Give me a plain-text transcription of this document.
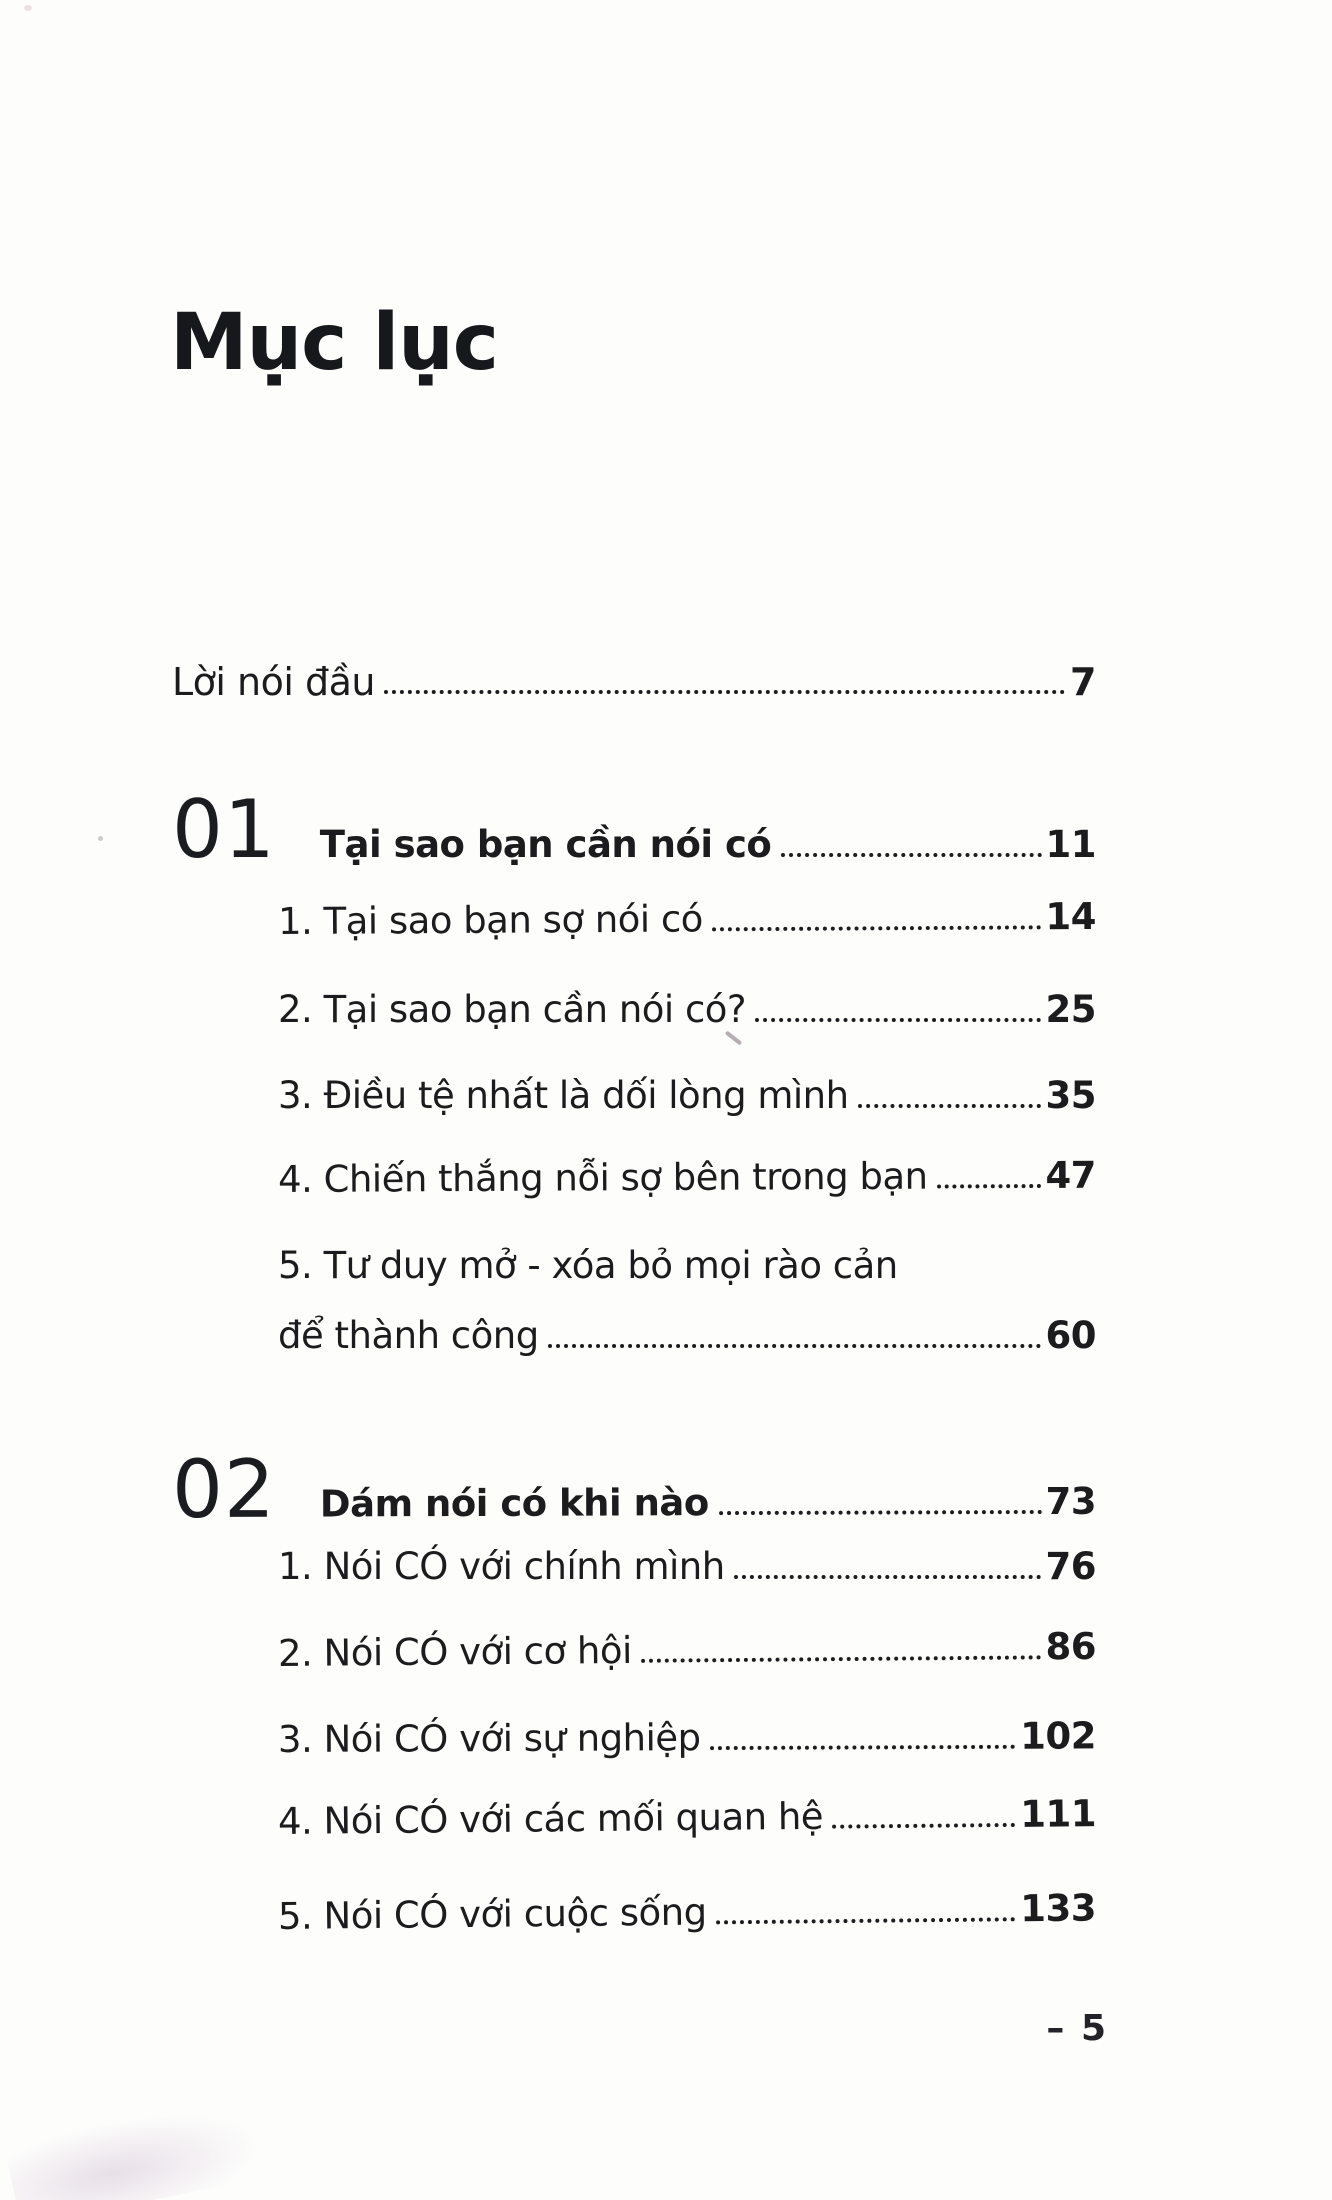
Mục lục
Lời nói đầu	7
01 Tại sao bạn cần nói có	11
1. Tại sao bạn sợ nói có	14
2. Tại sao bạn cần nói có?	25
3. Điều tệ nhất là dối lòng mình	35
4. Chiến thắng nỗi sợ bên trong bạn	47
5. Tư duy mở - xóa bỏ mọi rào cản
để thành công	60
02 Dám nói có khi nào	73
1. Nói CÓ với chính mình	76
2. Nói CÓ với cơ hội	86
3. Nói CÓ với sự nghiệp	102
4. Nói CÓ với các mối quan hệ	111
5. Nói CÓ với cuộc sống	133
– 5
